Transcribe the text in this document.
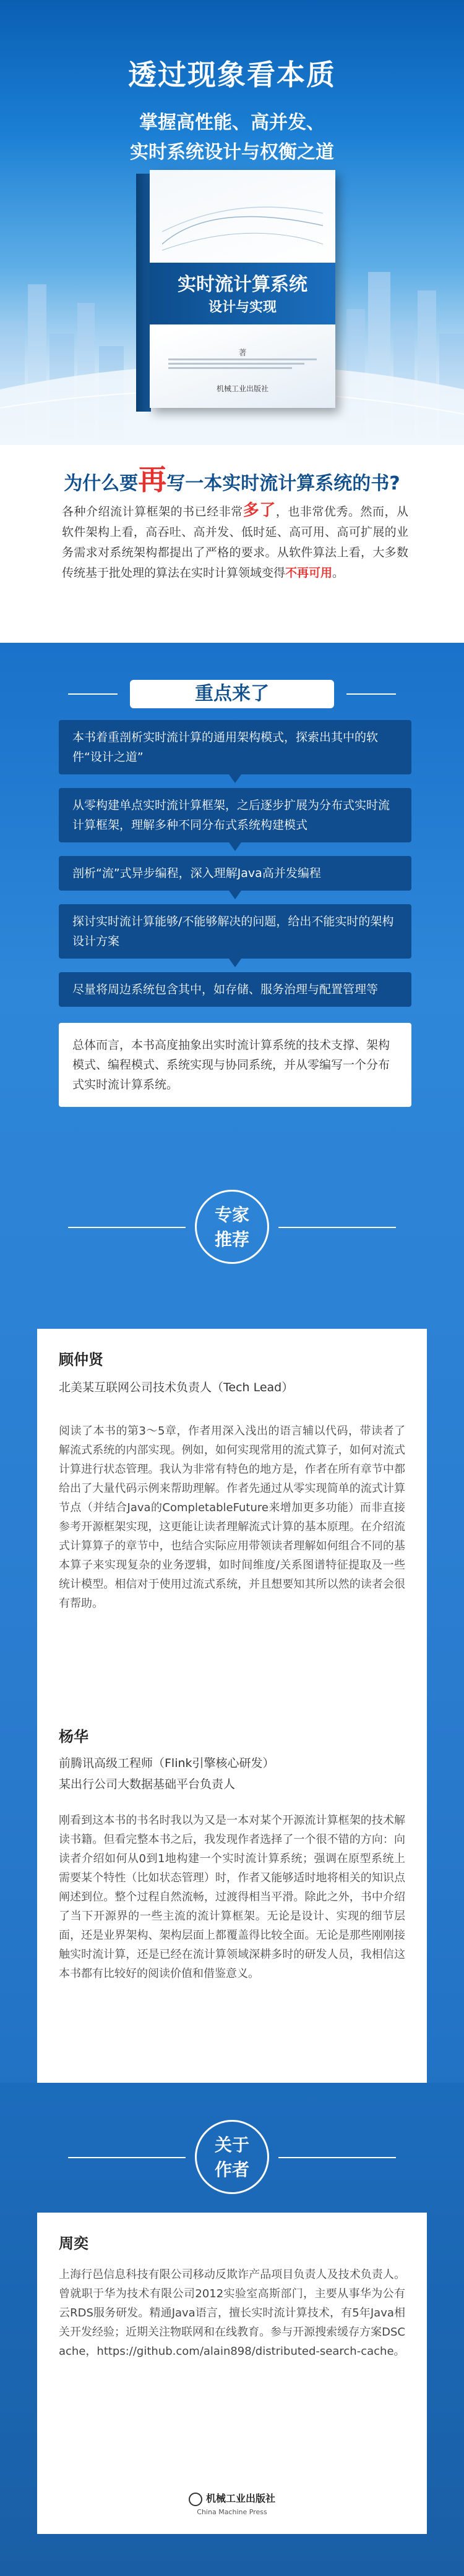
透过现象看本质
掌握高性能、高并发、
实时系统设计与权衡之道
实时流计算系统
设计与实现
著
机械工业出版社
为什么要再写一本实时流计算系统的书?
各种介绍流计算框架的书已经非常多了，也非常优秀。然而，从软件架构上看，高吞吐、高并发、低时延、高可用、高可扩展的业务需求对系统架构都提出了严格的要求。从软件算法上看，大多数传统基于批处理的算法在实时计算领域变得不再可用。
重点来了
本书着重剖析实时流计算的通用架构模式，探索出其中的软件“设计之道”
从零构建单点实时流计算框架，之后逐步扩展为分布式实时流计算框架，理解多种不同分布式系统构建模式
剖析“流”式异步编程，深入理解Java高并发编程
探讨实时流计算能够/不能够解决的问题，给出不能实时的架构设计方案
尽量将周边系统包含其中，如存储、服务治理与配置管理等
总体而言，本书高度抽象出实时流计算系统的技术支撑、架构模式、编程模式、系统实现与协同系统，并从零编写一个分布式实时流计算系统。
专家
推荐
顾仲贤
北美某互联网公司技术负责人（Tech Lead）
阅读了本书的第3～5章，作者用深入浅出的语言辅以代码，带读者了解流式系统的内部实现。例如，如何实现常用的流式算子，如何对流式计算进行状态管理。我认为非常有特色的地方是，作者在所有章节中都给出了大量代码示例来帮助理解。作者先通过从零实现简单的流式计算节点（并结合Java的CompletableFuture来增加更多功能）而非直接参考开源框架实现，这更能让读者理解流式计算的基本原理。在介绍流式计算算子的章节中，也结合实际应用带领读者理解如何组合不同的基本算子来实现复杂的业务逻辑，如时间维度/关系图谱特征提取及一些统计模型。相信对于使用过流式系统，并且想要知其所以然的读者会很有帮助。
杨华
前腾讯高级工程师（Flink引擎核心研发）
某出行公司大数据基础平台负责人
刚看到这本书的书名时我以为又是一本对某个开源流计算框架的技术解读书籍。但看完整本书之后，我发现作者选择了一个很不错的方向：向读者介绍如何从0到1地构建一个实时流计算系统；强调在原型系统上需要某个特性（比如状态管理）时，作者又能够适时地将相关的知识点阐述到位。整个过程自然流畅，过渡得相当平滑。除此之外，书中介绍了当下开源界的一些主流的流计算框架。无论是设计、实现的细节层面，还是业界架构、架构层面上都覆盖得比较全面。无论是那些刚刚接触实时流计算，还是已经在流计算领域深耕多时的研发人员，我相信这本书都有比较好的阅读价值和借鉴意义。
关于
作者
周奕
上海行邑信息科技有限公司移动反欺诈产品项目负责人及技术负责人。曾就职于华为技术有限公司2012实验室高斯部门，主要从事华为公有云RDS服务研发。精通Java语言，擅长实时流计算技术，有5年Java相关开发经验；近期关注物联网和在线教育。参与开源搜索缓存方案DSCache，https://github.com/alain898/distributed-search-cache。
机械工业出版社
China Machine Press
